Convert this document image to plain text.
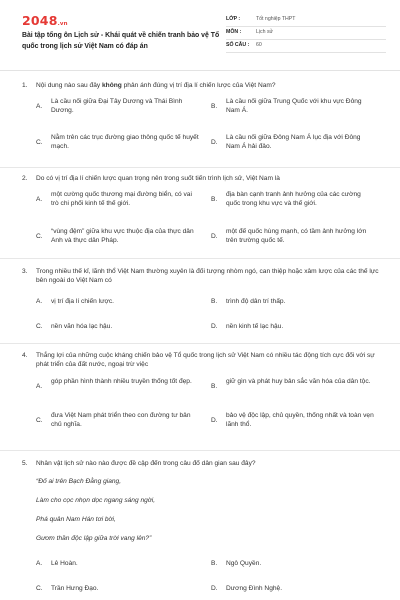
2048.vn
Bài tập tổng ôn Lịch sử - Khái quát về chiến tranh bảo vệ Tổ quốc trong lịch sử Việt Nam có đáp án
LỚP :	Tốt nghiệp THPT
MÔN :	Lịch sử
SỐ CÂU :	60
1. Nội dung nào sau đây không phản ánh đúng vị trí địa lí chiến lược của Việt Nam?
A.
Là cầu nối giữa Đại Tây Dương và Thái Bình Dương.
B.
Là cầu nối giữa Trung Quốc với khu vực Đông Nam Á.
C.
Nằm trên các trục đường giao thông quốc tế huyết mạch.
D.
Là cầu nối giữa Đông Nam Á lục địa với Đông Nam Á hải đảo.
2. Do có vị trí địa lí chiến lược quan trọng nên trong suốt tiến trình lịch sử, Việt Nam là
A.
một cường quốc thương mại đường biển, có vai trò chi phối kinh tế thế giới.
B.
địa bàn cạnh tranh ảnh hưởng của các cường quốc trong khu vực và thế giới.
C.
“vùng đệm” giữa khu vực thuộc địa của thực dân Anh và thực dân Pháp.
D.
một đế quốc hùng mạnh, có tầm ảnh hưởng lớn trên trường quốc tế.
3. Trong nhiều thế kỉ, lãnh thổ Việt Nam thường xuyên là đối tượng nhòm ngó, can thiệp hoặc xâm lược của các thế lực bên ngoài do Việt Nam có
A. vị trí địa lí chiến lược.	B. trình độ dân trí thấp.
C. nền văn hóa lạc hậu.	D. nền kinh tế lạc hậu.
4. Thắng lợi của những cuộc kháng chiến bảo vệ Tổ quốc trong lịch sử Việt Nam có nhiều tác động tích cực đối với sự phát triển của đất nước, ngoại trừ việc
A.
góp phần hình thành nhiều truyền thống tốt đẹp.
B.
giữ gìn và phát huy bản sắc văn hóa của dân tộc.
C.
đưa Việt Nam phát triển theo con đường tư bản chủ nghĩa.
D.
bảo vệ độc lập, chủ quyền, thống nhất và toàn vẹn lãnh thổ.
5. Nhân vật lịch sử nào nào được đề cập đến trong câu đố dân gian sau đây?
“Đố ai trên Bạch Đằng giang,
Làm cho cọc nhọn dọc ngang sáng ngời,
Phá quân Nam Hán tơi bời,
Gươm thần độc lập giữa trời vang lên?”
A. Lê Hoàn.	B. Ngô Quyền.
C. Trần Hưng Đạo.	D. Dương Đình Nghệ.
